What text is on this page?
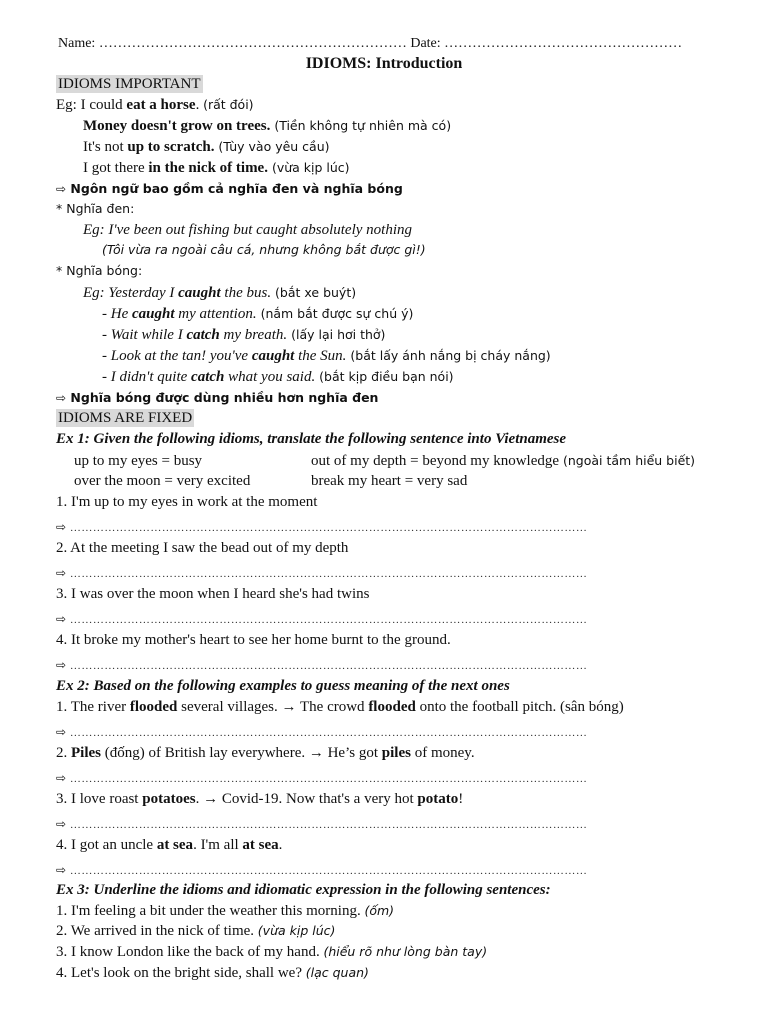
Name: ………………………………………………………… Date: ……………………………………………
IDIOMS: Introduction
IDIOMS IMPORTANT
Eg: I could eat a horse. (rất đói)
Money doesn't grow on trees. (Tiền không tự nhiên mà có)
It's not up to scratch. (Tùy vào yêu cầu)
I got there in the nick of time. (vừa kịp lúc)
⇨ Ngôn ngữ bao gồm cả nghĩa đen và nghĩa bóng
* Nghĩa đen:
Eg: I've been out fishing but caught absolutely nothing
(Tôi vừa ra ngoài câu cá, nhưng không bắt được gì!)
* Nghĩa bóng:
Eg: Yesterday I caught the bus. (bắt xe buýt)
- He caught my attention. (nắm bắt được sự chú ý)
- Wait while I catch my breath. (lấy lại hơi thở)
- Look at the tan! you've caught the Sun. (bắt lấy ánh nắng bị cháy nắng)
- I didn't quite catch what you said. (bắt kịp điều bạn nói)
⇨ Nghĩa bóng được dùng nhiều hơn nghĩa đen
IDIOMS ARE FIXED
Ex 1: Given the following idioms, translate the following sentence into Vietnamese
up to my eyes = busy	out of my depth = beyond my knowledge (ngoài tầm hiểu biết)
over the moon = very excited	break my heart = very sad
1. I'm up to my eyes in work at the moment
⇨ ………………………………………………………………………………………………………………………
2. At the meeting I saw the bead out of my depth
⇨ ………………………………………………………………………………………………………………………
3. I was over the moon when I heard she's had twins
⇨ ………………………………………………………………………………………………………………………
4. It broke my mother's heart to see her home burnt to the ground.
⇨ ………………………………………………………………………………………………………………………
Ex 2: Based on the following examples to guess meaning of the next ones
1. The river flooded several villages. → The crowd flooded onto the football pitch. (sân bóng)
⇨ ………………………………………………………………………………………………………………………
2. Piles (đống) of British lay everywhere. → He’s got piles of money.
⇨ ………………………………………………………………………………………………………………………
3. I love roast potatoes. → Covid-19. Now that's a very hot potato!
⇨ ………………………………………………………………………………………………………………………
4. I got an uncle at sea. I'm all at sea.
⇨ ………………………………………………………………………………………………………………………
Ex 3: Underline the idioms and idiomatic expression in the following sentences:
1. I'm feeling a bit under the weather this morning. (ốm)
2. We arrived in the nick of time. (vừa kịp lúc)
3. I know London like the back of my hand. (hiểu rõ như lòng bàn tay)
4. Let's look on the bright side, shall we? (lạc quan)
